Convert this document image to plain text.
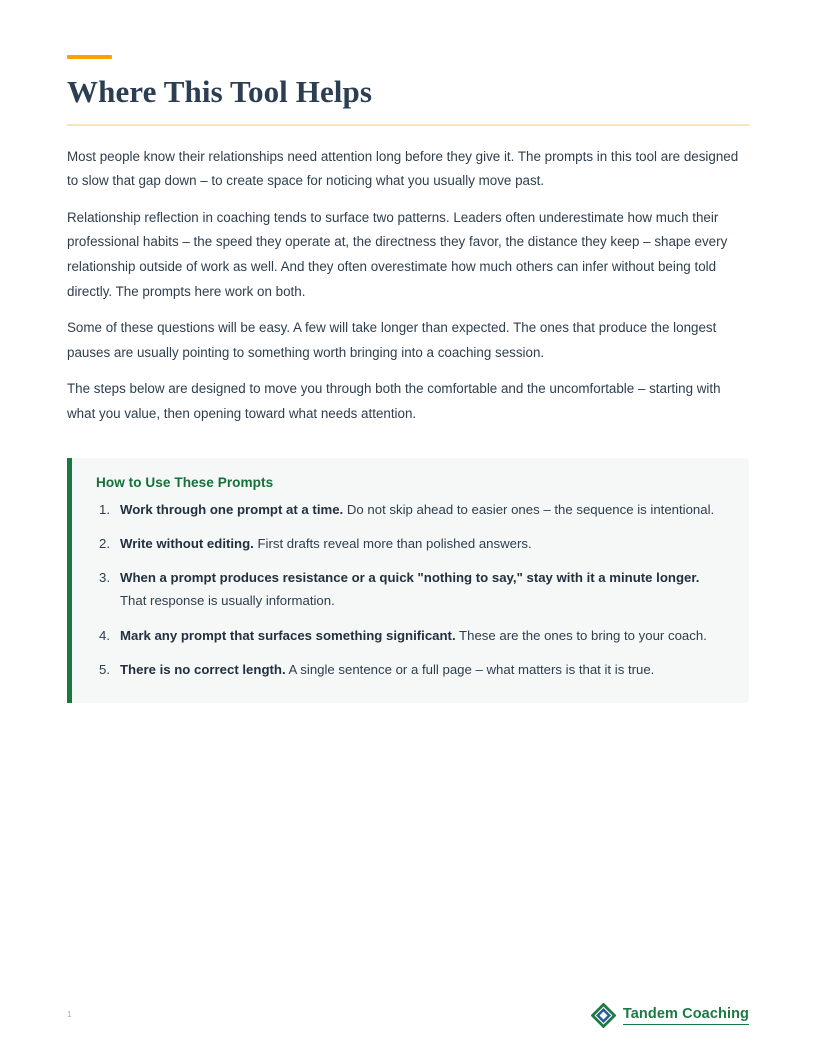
Where This Tool Helps

Most people know their relationships need attention long before they give it. The prompts in this tool are designed to slow that gap down – to create space for noticing what you usually move past.

Relationship reflection in coaching tends to surface two patterns. Leaders often underestimate how much their professional habits – the speed they operate at, the directness they favor, the distance they keep – shape every relationship outside of work as well. And they often overestimate how much others can infer without being told directly. The prompts here work on both.

Some of these questions will be easy. A few will take longer than expected. The ones that produce the longest pauses are usually pointing to something worth bringing into a coaching session.

The steps below are designed to move you through both the comfortable and the uncomfortable – starting with what you value, then opening toward what needs attention.

How to Use These Prompts
Work through one prompt at a time. Do not skip ahead to easier ones – the sequence is intentional.
Write without editing. First drafts reveal more than polished answers.
When a prompt produces resistance or a quick "nothing to say," stay with it a minute longer. That response is usually information.
Mark any prompt that surfaces something significant. These are the ones to bring to your coach.
There is no correct length. A single sentence or a full page – what matters is that it is true.
1	Tandem Coaching
